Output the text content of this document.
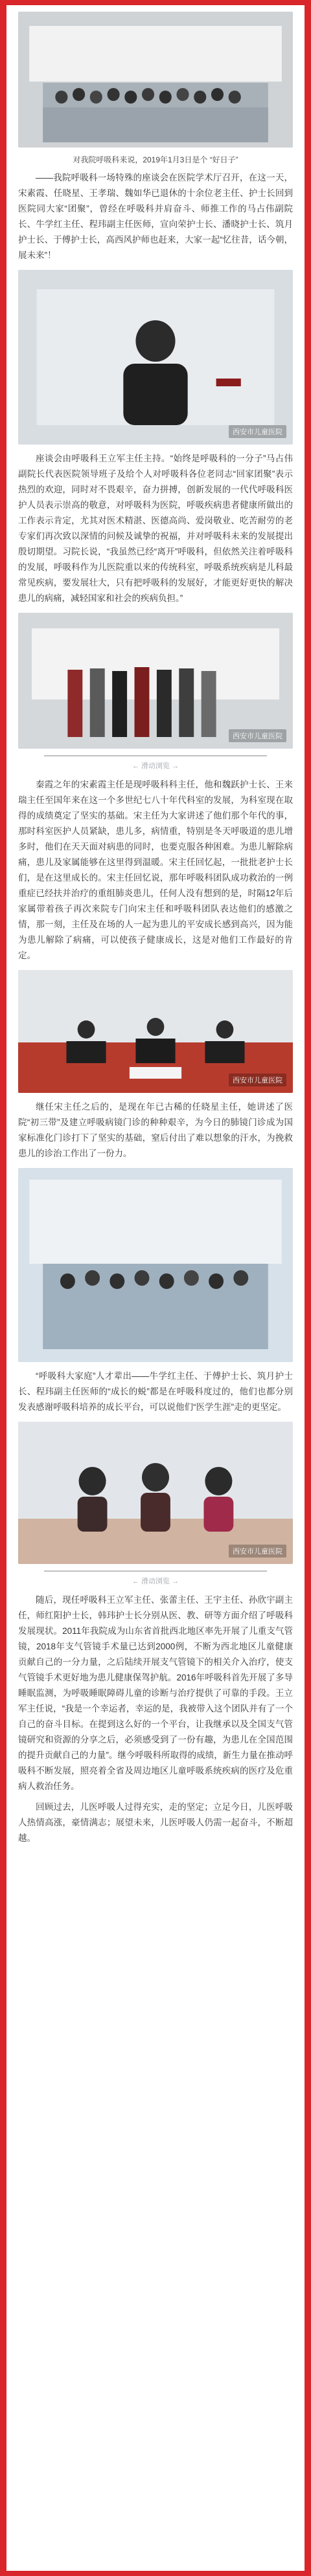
对我院呼吸科来说，2019年1月3日是个 “好日子”

——我院呼吸科一场特殊的座谈会在医院学术厅召开，在这一天，宋素霞、任晓星、王孝瑞、魏如华已退休的十余位老主任、护士长回到医院同大家“团聚”，曾经在呼吸科并肩奋斗、师推工作的马占伟副院长、牛学红主任、程玮副主任医师，宣向荣护士长、潘晓护士长、筑月护士长、于傅护士长，高西风护师也赶来，大家一起“忆往昔，话今朝，展未来”！

西安市儿童医院

座谈会由呼吸科王立军主任主持。“始终是呼吸科的一分子”马占伟副院长代表医院领导班子及给个人对呼吸科各位老同志“回家团聚”表示热烈的欢迎，同时对不畏艰辛，奋力拼搏，创新发展的一代代呼吸科医护人员表示崇高的敬意，对呼吸科为医院，呼吸疾病患者健康所做出的工作表示肯定，尤其对医术精湛、医德高尚、爱岗敬业、吃苦耐劳的老专家们再次致以深情的问候及诚挚的祝福，并对呼吸科未来的发展提出殷切期望。习院长说，“我虽然已经“离开”呼吸科，但依然关注着呼吸科的发展，呼吸科作为儿医院重以来的传统科室，呼吸系统疾病是儿科最常见疾病，要发展壮大，只有把呼吸科的发展好，才能更好更快的解决患儿的病痛，减轻国家和社会的疾病负担。”

西安市儿童医院
← 滑动浏览 →

秦霞之年的宋素霞主任是现呼吸科科主任，他和魏跃护士长、王来瑞主任至国年来在这一个多世纪七八十年代科室的发展，为科室现在取得的成绩奠定了坚实的基础。宋主任为大家讲述了他们那个年代的事，那时科室医护人员紧缺，患儿多，病情重，特别是冬天呼吸道的患儿增多时，他们在天天面对病患的同时，也要克服各种困难。为患儿解除病痛，患儿及家属能够在这里得到温暖。宋主任回忆起，一批批老护士长们，是在这里成长的。宋主任回忆说，那年呼吸科团队成功救治的一例重症已经扶并治疗的重组肺炎患儿，任何人没有想到的是，时隔12年后家属带着孩子再次来院专门向宋主任和呼吸科团队表达他们的感激之情，那一刻，主任及在场的人一起为患儿的平安成长感到高兴，因为能为患儿解除了病痛，可以使孩子健康成长，这是对他们工作最好的肯定。

西安市儿童医院

继任宋主任之后的，是现在年已古稀的任晓星主任，她讲述了医院“初三带”及建立呼吸病镜门诊的种种艰辛，为今日的肺镜门诊成为国家标准化门诊打下了坚实的基础，窒后付出了难以想象的汗水，为挽救患儿的诊治工作出了一份力。

“呼吸科大家庭”人才辈出——牛学红主任、于傅护士长、筑月护士长、程玮副主任医师的“成长的蜕”都是在呼吸科度过的，他们也都分别发表感谢呼吸科培养的成长平台，可以说他们“医学生涯”走的更坚定。

西安市儿童医院
← 滑动浏览 →

随后，现任呼吸科王立军主任、张蕾主任、王宇主任、孙欣宇副主任，师红阳护士长，韩玮护士长分别从医、教、研等方面介绍了呼吸科发展现状。2011年我院成为山东省首批西北地区率先开展了儿重支气管镜，2018年支气管镜手术量已达到2000例，不断为西北地区儿童健康贡献自己的一分力量，之后陆续开展支气管镜下的相关介入治疗，使支气管镜手术更好地为患儿健康保驾护航。2016年呼吸科首先开展了多导睡眠监测，为呼吸睡眠障碍儿童的诊断与治疗提供了可靠的手段。王立军主任说，“我是一个幸运者，幸运的是，我被带入这个团队并有了一个自己的奋斗目标。在提到这么好的一个平台，让我继承以及全国支气管镜研究和资源的分享之后，必须感受到了一份有趣，为患儿在全国范围的提升贡献自己的力量”。继今呼吸科所取得的成绩，新生力量在推动呼吸科不断发展，照亮着全省及周边地区儿童呼吸系统疾病的医疗及危重病人救治任务。

回顾过去，儿医呼吸人过得充实，走的坚定；立足今日，儿医呼吸人热情高涨，豪情满志；展望未来，儿医呼吸人仍需一起奋斗，不断超越。
